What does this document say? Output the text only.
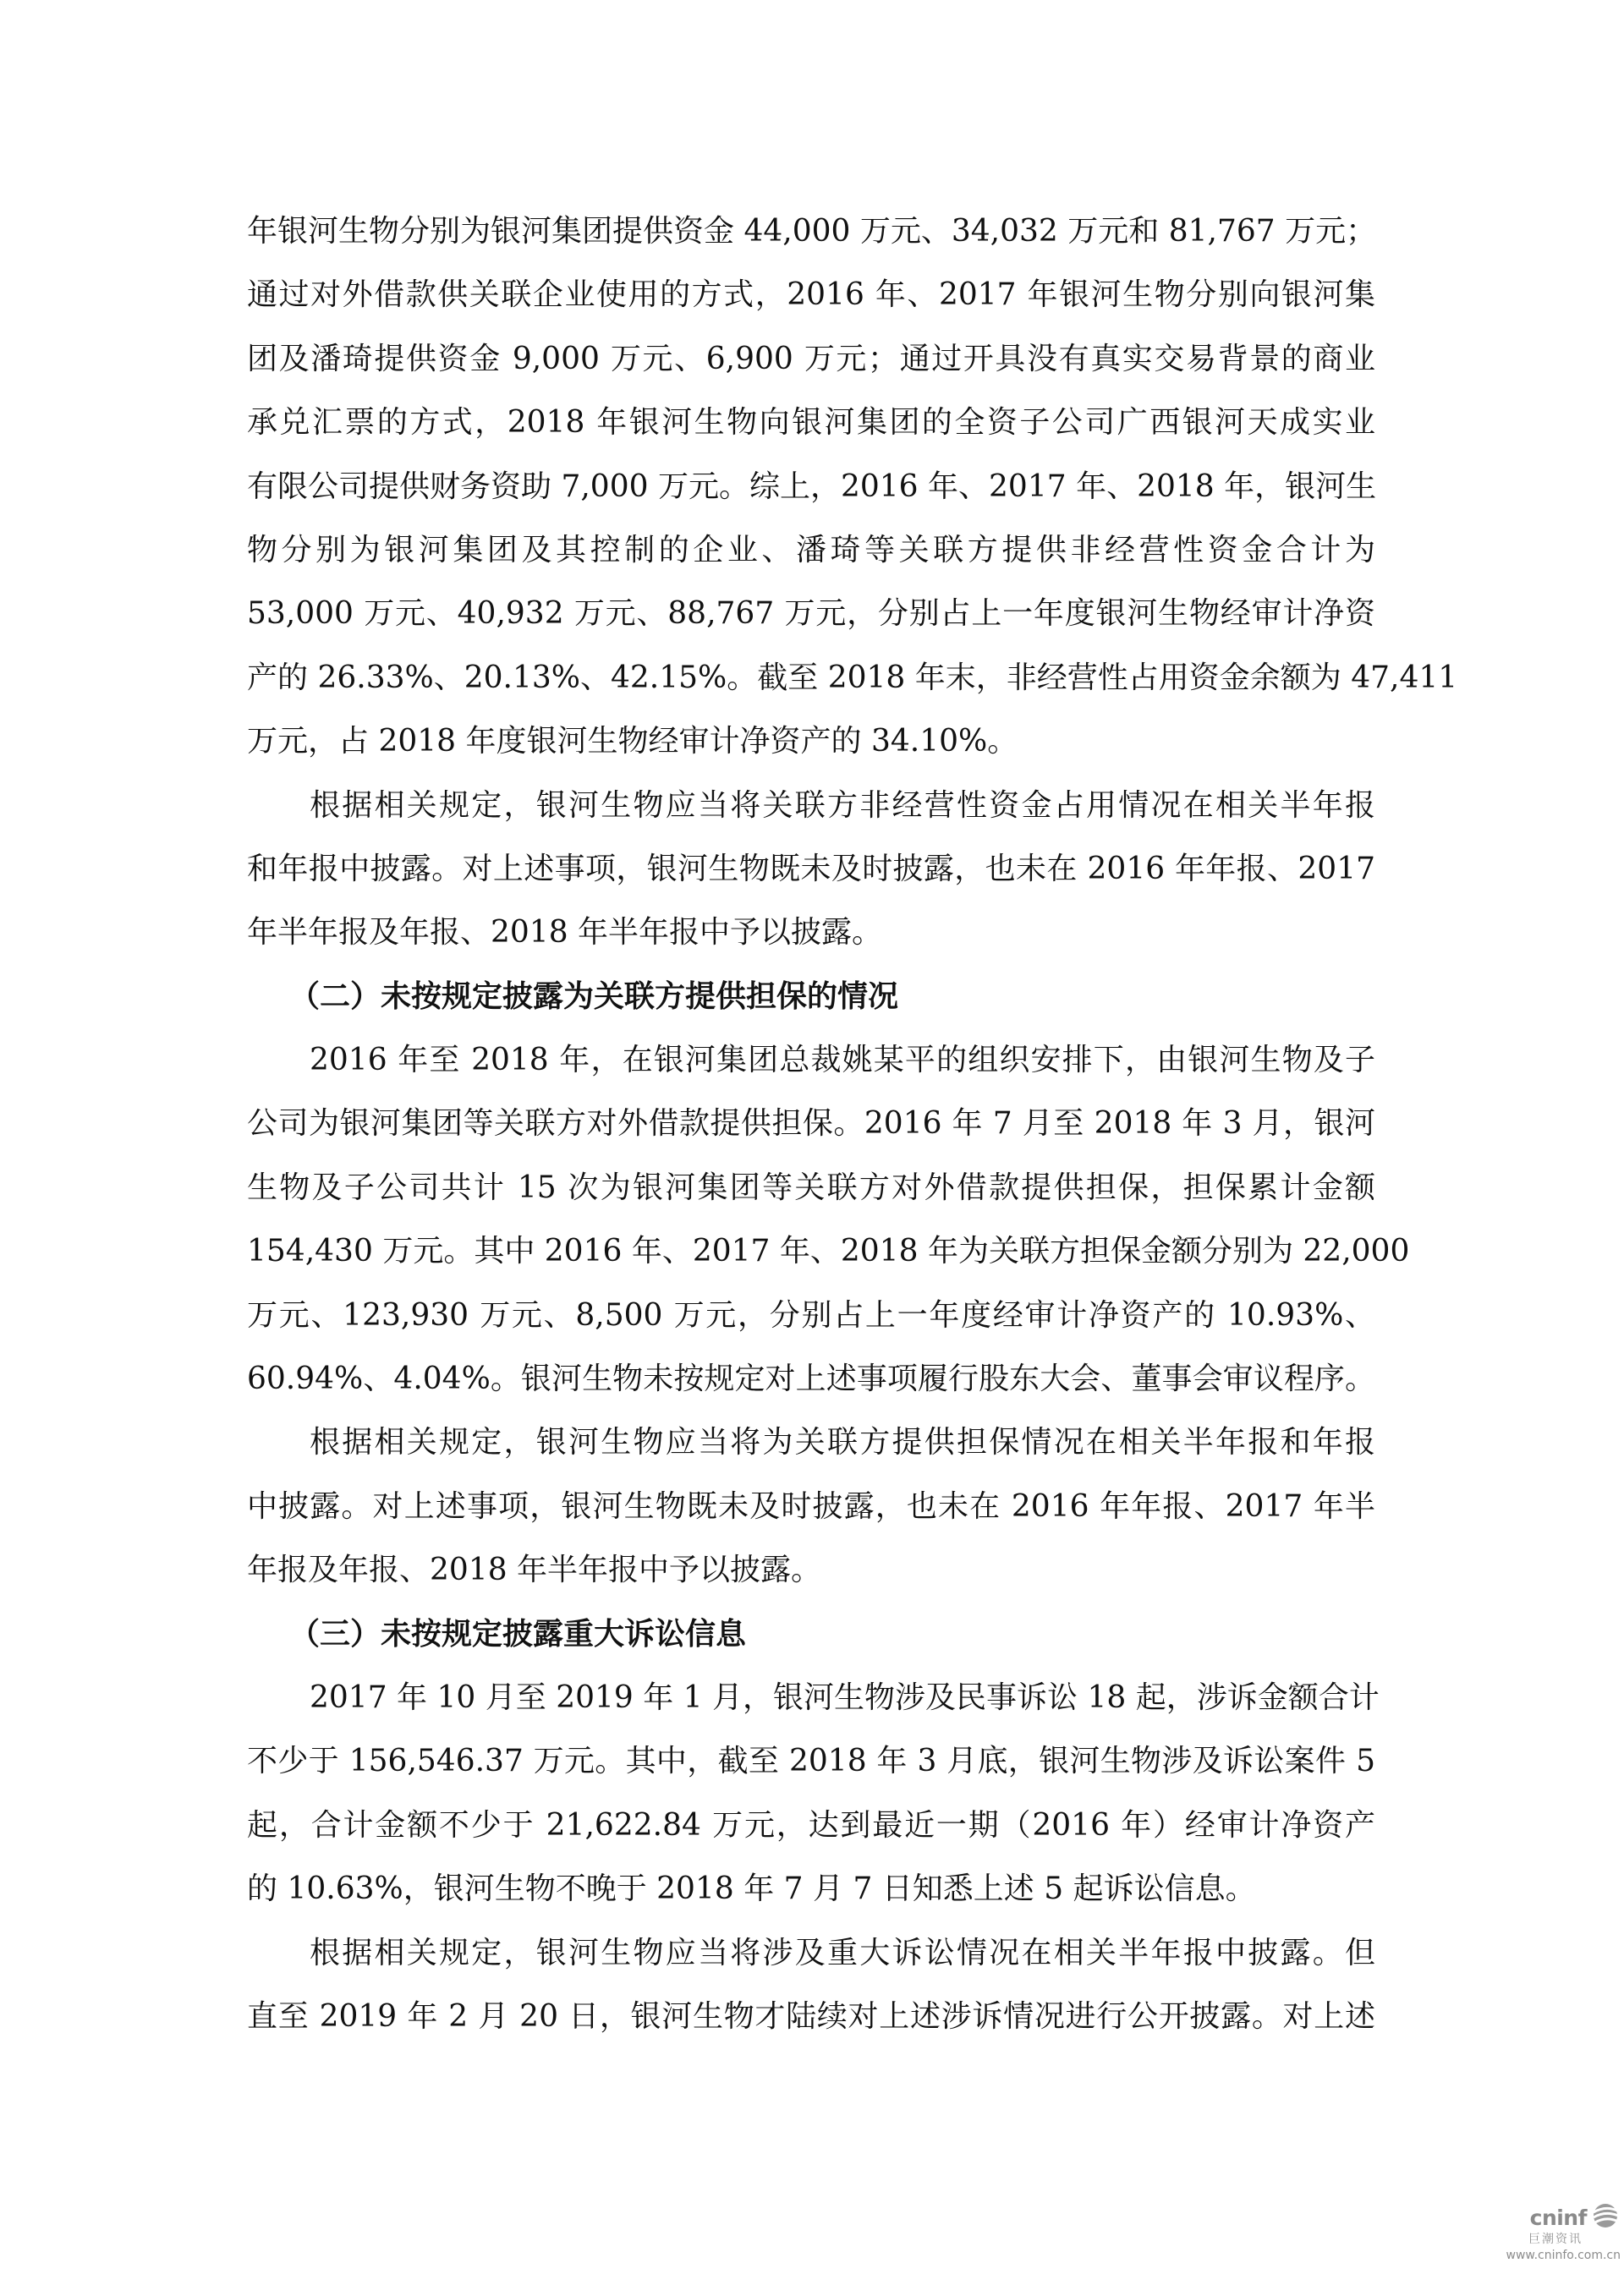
年银河生物分别为银河集团提供资金 44,000 万元、34,032 万元和 81,767 万元；
通过对外借款供关联企业使用的方式，2016 年、2017 年银河生物分别向银河集
团及潘琦提供资金 9,000 万元、6,900 万元；通过开具没有真实交易背景的商业
承兑汇票的方式，2018 年银河生物向银河集团的全资子公司广西银河天成实业
有限公司提供财务资助 7,000 万元。综上，2016 年、2017 年、2018 年，银河生
物分别为银河集团及其控制的企业、潘琦等关联方提供非经营性资金合计为
53,000 万元、40,932 万元、88,767 万元，分别占上一年度银河生物经审计净资
产的 26.33%、20.13%、42.15%。截至 2018 年末，非经营性占用资金余额为 47,411
万元，占 2018 年度银河生物经审计净资产的 34.10%。
根据相关规定，银河生物应当将关联方非经营性资金占用情况在相关半年报
和年报中披露。对上述事项，银河生物既未及时披露，也未在 2016 年年报、2017
年半年报及年报、2018 年半年报中予以披露。
（二）未按规定披露为关联方提供担保的情况
2016 年至 2018 年，在银河集团总裁姚某平的组织安排下，由银河生物及子
公司为银河集团等关联方对外借款提供担保。2016 年 7 月至 2018 年 3 月，银河
生物及子公司共计 15 次为银河集团等关联方对外借款提供担保，担保累计金额
154,430 万元。其中 2016 年、2017 年、2018 年为关联方担保金额分别为 22,000
万元、123,930 万元、8,500 万元，分别占上一年度经审计净资产的 10.93%、
60.94%、4.04%。银河生物未按规定对上述事项履行股东大会、董事会审议程序。
根据相关规定，银河生物应当将为关联方提供担保情况在相关半年报和年报
中披露。对上述事项，银河生物既未及时披露，也未在 2016 年年报、2017 年半
年报及年报、2018 年半年报中予以披露。
（三）未按规定披露重大诉讼信息
2017 年 10 月至 2019 年 1 月，银河生物涉及民事诉讼 18 起，涉诉金额合计
不少于 156,546.37 万元。其中，截至 2018 年 3 月底，银河生物涉及诉讼案件 5
起，合计金额不少于 21,622.84 万元，达到最近一期（2016 年）经审计净资产
的 10.63%，银河生物不晚于 2018 年 7 月 7 日知悉上述 5 起诉讼信息。
根据相关规定，银河生物应当将涉及重大诉讼情况在相关半年报中披露。但
直至 2019 年 2 月 20 日，银河生物才陆续对上述涉诉情况进行公开披露。对上述
cninf
巨潮资讯
www.cninfo.com.cn
